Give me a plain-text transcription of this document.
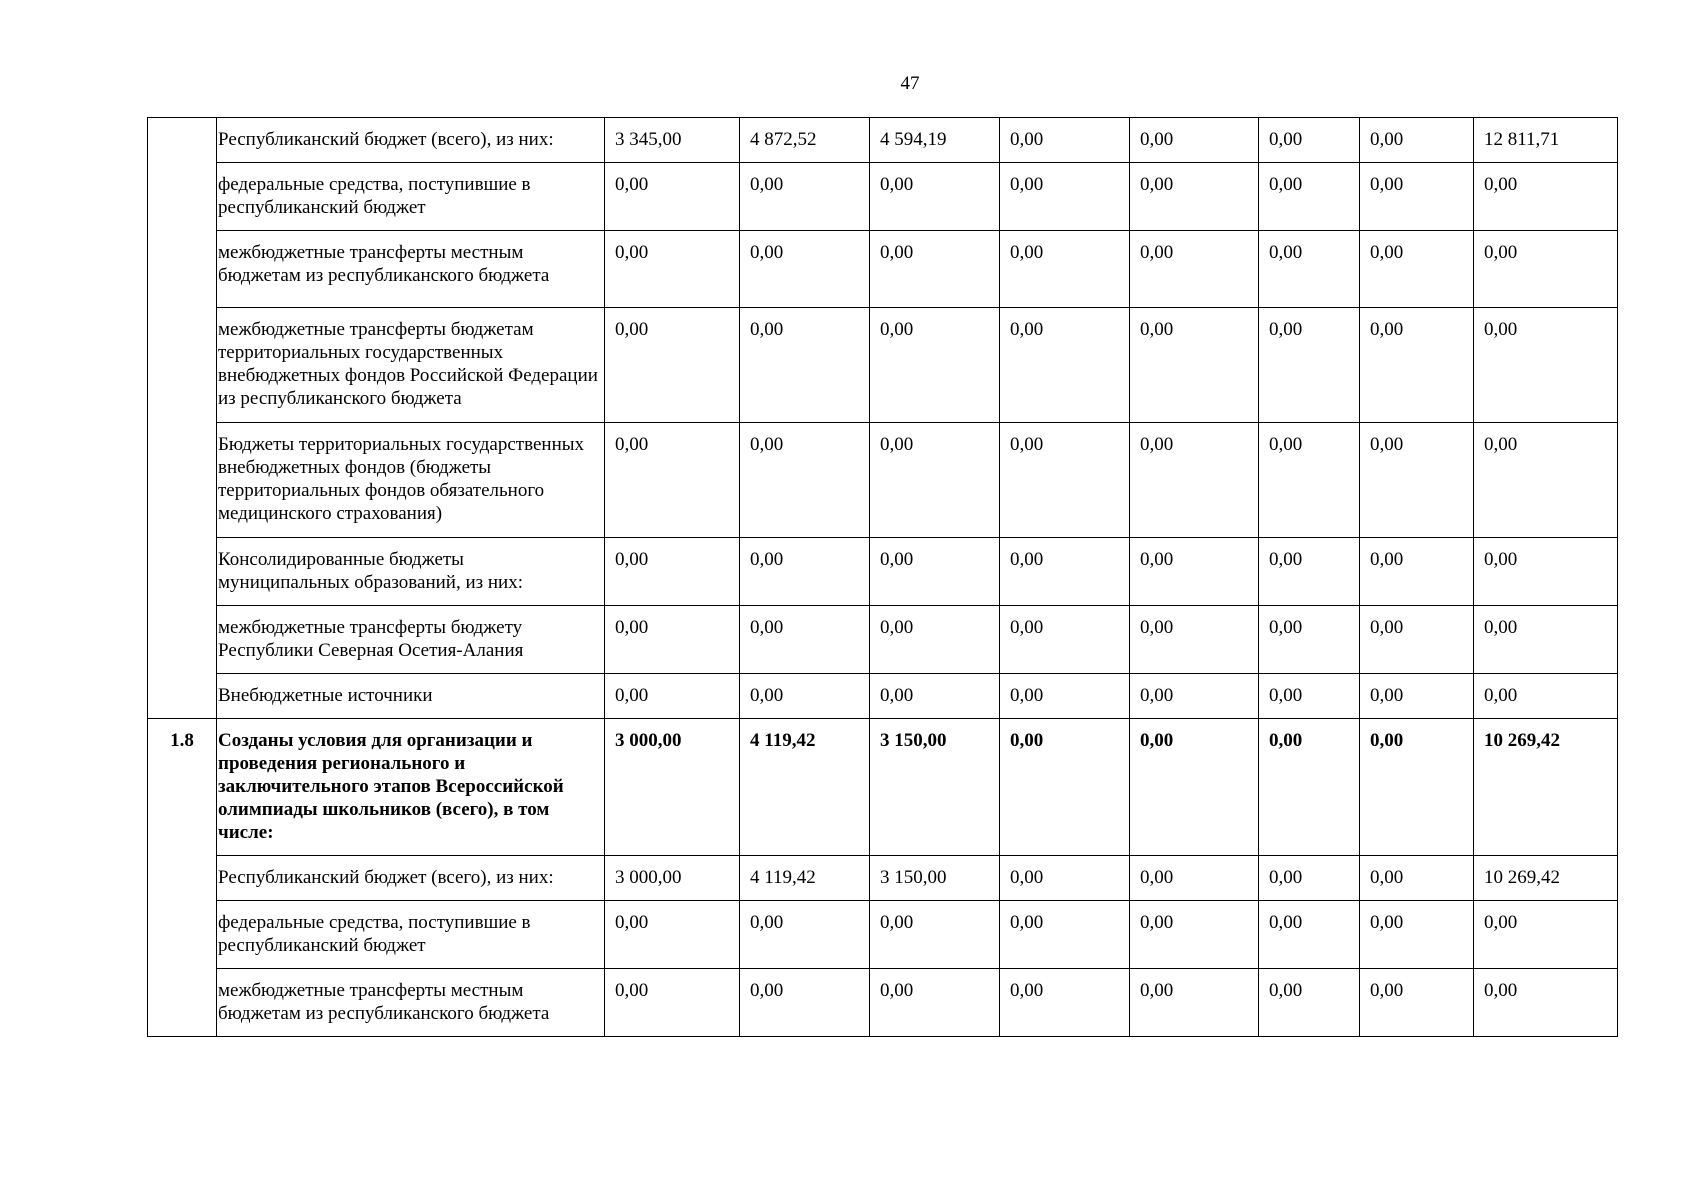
47
	Республиканский бюджет (всего), из них:	3 345,00	4 872,52	4 594,19	0,00	0,00	0,00	0,00	12 811,71
	федеральные средства, поступившие в республиканский бюджет	0,00	0,00	0,00	0,00	0,00	0,00	0,00	0,00
	межбюджетные трансферты местным бюджетам из республиканского бюджета	0,00	0,00	0,00	0,00	0,00	0,00	0,00	0,00
	межбюджетные трансферты бюджетам территориальных государственных внебюджетных фондов Российской Федерации из республиканского бюджета	0,00	0,00	0,00	0,00	0,00	0,00	0,00	0,00
	Бюджеты территориальных государственных внебюджетных фондов (бюджеты территориальных фондов обязательного медицинского страхования)	0,00	0,00	0,00	0,00	0,00	0,00	0,00	0,00
	Консолидированные бюджеты муниципальных образований, из них:	0,00	0,00	0,00	0,00	0,00	0,00	0,00	0,00
	межбюджетные трансферты бюджету Республики Северная Осетия-Алания	0,00	0,00	0,00	0,00	0,00	0,00	0,00	0,00
	Внебюджетные источники	0,00	0,00	0,00	0,00	0,00	0,00	0,00	0,00
1.8	Созданы условия для организации и проведения регионального и заключительного этапов Всероссийской олимпиады школьников (всего), в том числе:	3 000,00	4 119,42	3 150,00	0,00	0,00	0,00	0,00	10 269,42
	Республиканский бюджет (всего), из них:	3 000,00	4 119,42	3 150,00	0,00	0,00	0,00	0,00	10 269,42
	федеральные средства, поступившие в республиканский бюджет	0,00	0,00	0,00	0,00	0,00	0,00	0,00	0,00
	межбюджетные трансферты местным бюджетам из республиканского бюджета	0,00	0,00	0,00	0,00	0,00	0,00	0,00	0,00
